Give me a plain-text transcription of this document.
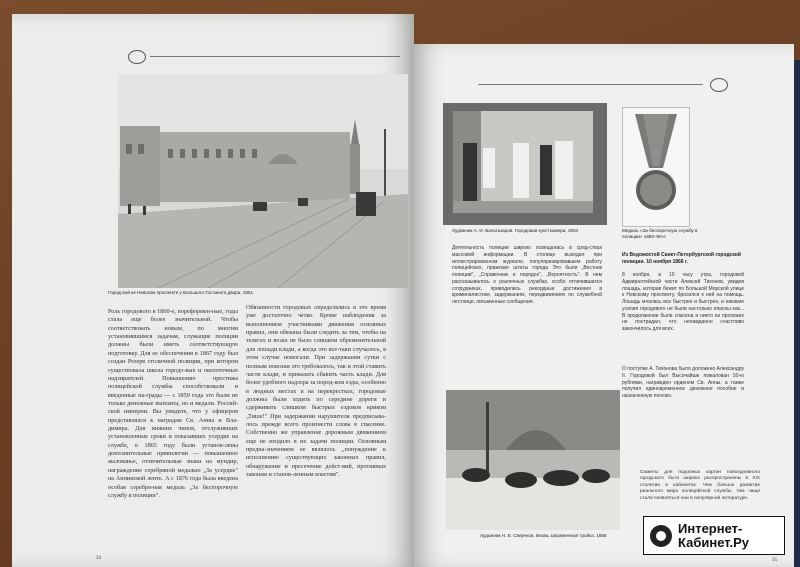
Городской ке Невском проспекте у Большого Гостиного двора. 1901
Роль городового в 1860-е, пореформен-ные, годы стала еще более значительной. Чтобы соответствовать новым, по многим установившимся задачам, служащие полиции должны были иметь соответствующую подготовку. Для ее обеспечения в 1867 году был создан Резерв столичной полиции, при котором существовала школа городо-вых и околоточных надзирателей. Повышению престижа полицейской службы способствовали и введенные на-грады — с 1859 года это были не только денежные выплаты, но и медали. Россий-ской империи. Вы увидите, что у офицеров представлялся к наградам Св. Анны и Вла-димира. Для нижних чинов, отслуживших установленные сроки и показавших усердие на службе, в 1865 году были установ-лены дополнительные привилегии — повышенное жалованье, отличительные знаки на мундир, награждение серебряной медалью „За усердие" на Аннинской ленте. А с 1876 года была введена особая серебря-ная медаль „За беспорочную службу в полиции".
Обязанности городовых определялись в это время уже достаточно четко. Кроме наблюдения за выполнением участниками движения основных правил, они обязаны были следить за тем, чтобы на телегах и возах не было слишком обременительной для лошади клади, а когда это все-таки случалось, в этом случае помогали. При задержании сутки с полным повозки это требовалось, так и этой ставить части клади, и приказать сбавить часть клади. Для более удобного надзора за пород-ком езды, особенно в людных местах и на перекрестках, городовые должны были ходить по середине дороги и сдерживать слишком быстрых ездоков криком „Тише!" При задержании нарушителя предписыва-лось прежде всего произнести слова в спасение. Собственно же управление дорожным движением еще не входило в их задачи полиции. Основным предна-значением ее являлось ,,понуждение к исполнению существующих законных правил, обнаружение и пресечение дейст-вий, противных законам и станов-ленным властям".
34
Художник А. И. Бальтазаров. Городовая кунсткамера. 1904	Медаль «За беспорочную службу в полиции» 1880–90-е
Деятельность полиции широко освещалась в сред-ствах массовой информации. В столице выходил при иллюстрированном журнале, популяризировавшем работу полицейских, пражские штаты города Это были „Вестник полиции", „Справочник и порядок", „Вероятность". В нем рассказывалось о различных службах, особо отличившихся сотрудниках, приводились рекордные достижения в криминалистике, задержаниях, передвижениях по служебной лестнице, письменные сообщения.
Из Ведомостей Санкт-Петербургской городской полиции. 10 ноября 1868 г.
8 ноября, в 10 часу утра, городовой Адмиралтейской части Алексей Тихонов, увидев лошадь, которая бежит по Большой Морской улице к Невскому проспекту, бросился к ней на помощь. Лошадь мчалась все быстрее и быстрее, и никакие усилия городового не были настолько опасны как... В продолжении была спасена и никто из прохожих не пострадал, что неожиданно счастливо закончилось для всех.
О поступке А. Тихонова было доложено Александру II. Городовой был Высочайше пожалован 50-ю рублями, награжден орденом Св. Анны, а также получил единовременное денежное пособие и назначенную пенсию.
Художник Н. Е. Сверчков. Вновь запряженная тройка. 1868
Сюжеты для подобных картин повседневного городского быта широко распространены в XIX столетии в кабинетах. Чем больше развитие реального мира полицейской службы, тем чаще стали появляться они в популярной литературе.
35
Интернет-
Кабинет.Ру
